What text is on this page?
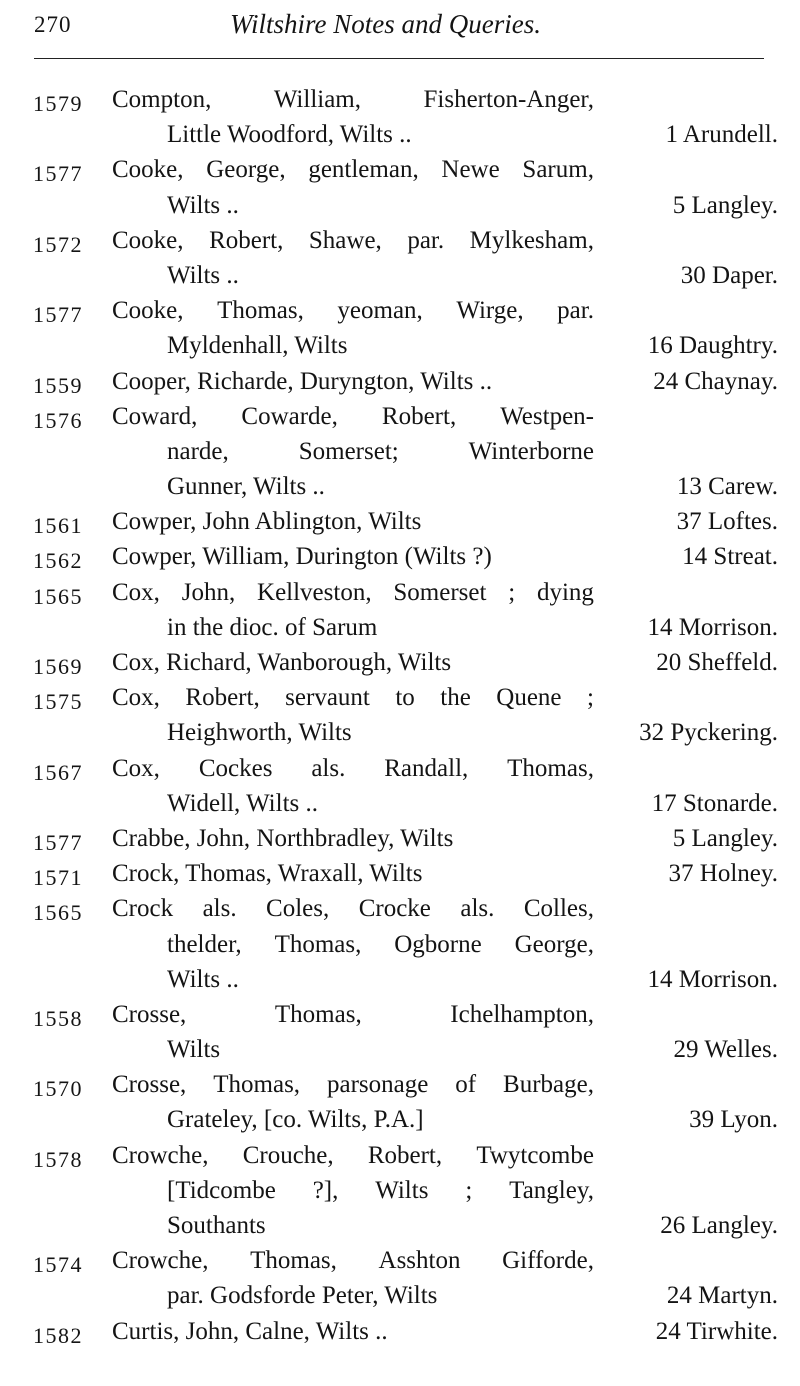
270	Wiltshire Notes and Queries.
1579 Compton,	William,	Fisherton-Anger,
Little Woodford, Wilts ..	1 Arundell.
1577 Cooke, George, gentleman, Newe Sarum,
Wilts ..	5 Langley.
1572 Cooke, Robert, Shawe, par. Mylkesham,
Wilts ..	30 Daper.
1577 Cooke, Thomas, yeoman, Wirge, par.
Myldenhall, Wilts	16 Daughtry.
1559 Cooper, Richarde, Duryngton, Wilts ..	24 Chaynay.
1576 Coward, Cowarde, Robert, Westpen-
narde,	Somerset;	Winterborne
Gunner, Wilts ..	13 Carew.
1561 Cowper, John Ablington, Wilts	37 Loftes.
1562 Cowper, William, Durington (Wilts ?)	14 Streat.
1565 Cox, John, Kellveston, Somerset ; dying
in the dioc. of Sarum	14 Morrison.
1569 Cox, Richard, Wanborough, Wilts	20 Sheffeld.
1575 Cox, Robert, servaunt to the Quene ;
Heighworth, Wilts	32 Pyckering.
1567 Cox, Cockes als. Randall, Thomas,
Widell, Wilts ..	17 Stonarde.
1577 Crabbe, John, Northbradley, Wilts	5 Langley.
1571 Crock, Thomas, Wraxall, Wilts	37 Holney.
1565 Crock als. Coles, Crocke als. Colles,
thelder, Thomas, Ogborne George,
Wilts ..	14 Morrison.
1558 Crosse,	Thomas,	Ichelhampton,
Wilts	29 Welles.
1570 Crosse, Thomas, parsonage of Burbage,
Grateley, [co. Wilts, P.A.]	39 Lyon.
1578 Crowche, Crouche, Robert, Twytcombe
[Tidcombe ?], Wilts ; Tangley,
Southants	26 Langley.
1574 Crowche, Thomas, Asshton Gifforde,
par. Godsforde Peter, Wilts	24 Martyn.
1582 Curtis, John, Calne, Wilts ..	24 Tirwhite.
